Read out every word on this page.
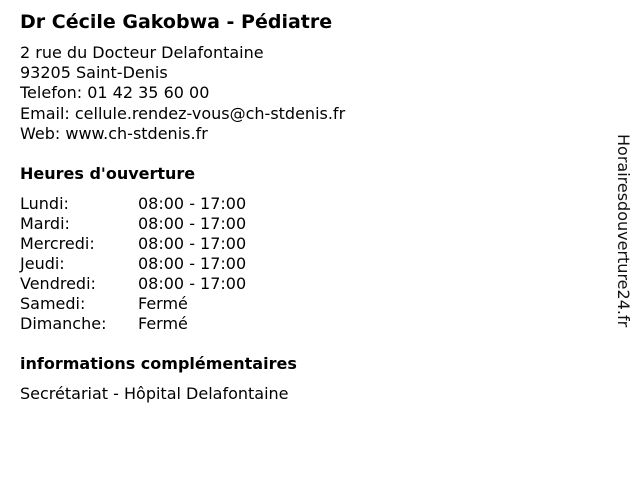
Dr Cécile Gakobwa - Pédiatre
2 rue du Docteur Delafontaine
93205 Saint-Denis
Telefon: 01 42 35 60 00
Email: cellule.rendez-vous@ch-stdenis.fr
Web: www.ch-stdenis.fr
Heures d'ouverture
Lundi:	08:00 - 17:00
Mardi:	08:00 - 17:00
Mercredi:	08:00 - 17:00
Jeudi:	08:00 - 17:00
Vendredi:	08:00 - 17:00
Samedi:	Fermé
Dimanche:	Fermé
informations complémentaires
Secrétariat - Hôpital Delafontaine
Horairesdouverture24.fr
